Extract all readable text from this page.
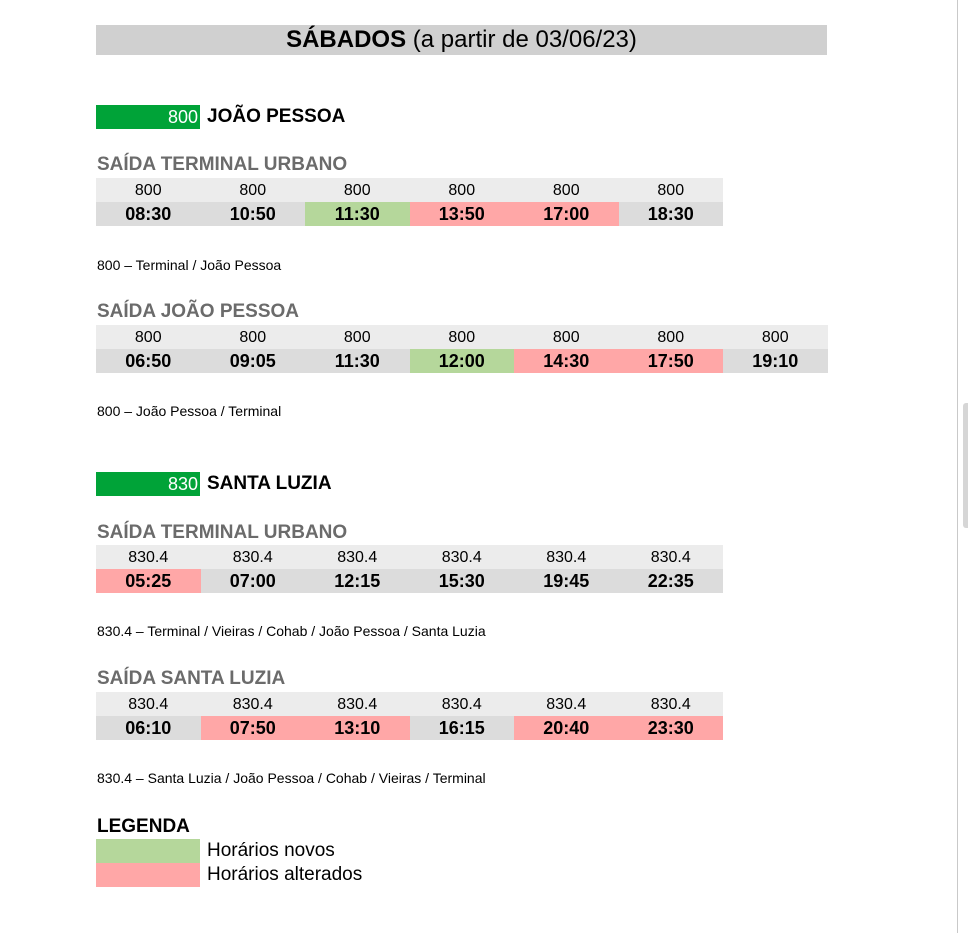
SÁBADOS (a partir de 03/06/23)
800 JOÃO PESSOA
SAÍDA TERMINAL URBANO
800
08:30
800
10:50
800
11:30
800
13:50
800
17:00
800
18:30
800 – Terminal / João Pessoa
SAÍDA JOÃO PESSOA
800
06:50
800
09:05
800
11:30
800
12:00
800
14:30
800
17:50
800
19:10
800 – João Pessoa / Terminal
830 SANTA LUZIA
SAÍDA TERMINAL URBANO
830.4
05:25
830.4
07:00
830.4
12:15
830.4
15:30
830.4
19:45
830.4
22:35
830.4 – Terminal / Vieiras / Cohab / João Pessoa / Santa Luzia
SAÍDA SANTA LUZIA
830.4
06:10
830.4
07:50
830.4
13:10
830.4
16:15
830.4
20:40
830.4
23:30
830.4 – Santa Luzia / João Pessoa / Cohab / Vieiras / Terminal
LEGENDA
Horários novos
Horários alterados
